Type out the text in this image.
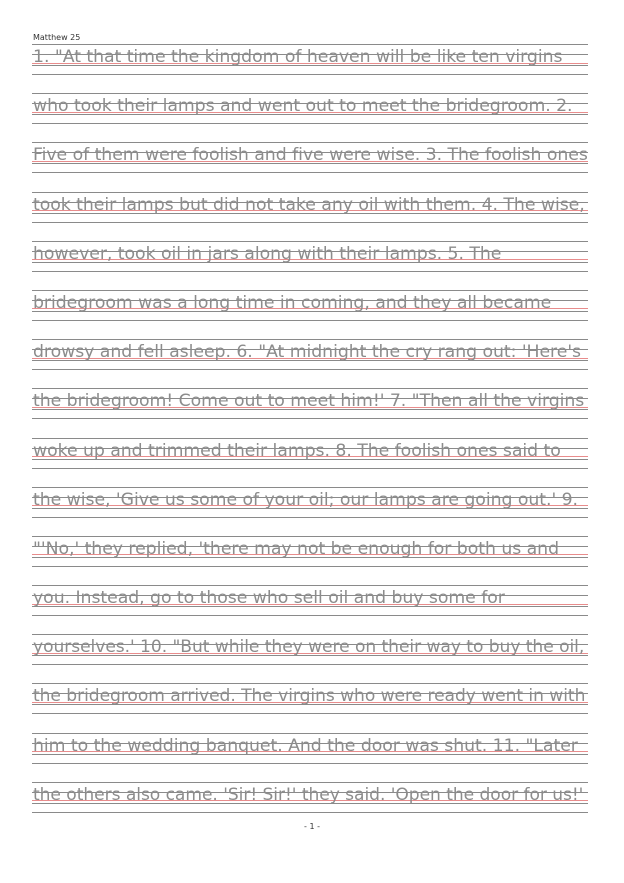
Matthew 25
1. "At that time the kingdom of heaven will be like ten virgins
who took their lamps and went out to meet the bridegroom. 2.
Five of them were foolish and five were wise. 3. The foolish ones
took their lamps but did not take any oil with them. 4. The wise,
however, took oil in jars along with their lamps. 5. The
bridegroom was a long time in coming, and they all became
drowsy and fell asleep. 6. "At midnight the cry rang out: 'Here's
the bridegroom! Come out to meet him!' 7. "Then all the virgins
woke up and trimmed their lamps. 8. The foolish ones said to
the wise, 'Give us some of your oil; our lamps are going out.' 9.
"'No,' they replied, 'there may not be enough for both us and
you. Instead, go to those who sell oil and buy some for
yourselves.' 10. "But while they were on their way to buy the oil,
the bridegroom arrived. The virgins who were ready went in with
him to the wedding banquet. And the door was shut. 11. "Later
the others also came. 'Sir! Sir!' they said. 'Open the door for us!'
- 1 -
